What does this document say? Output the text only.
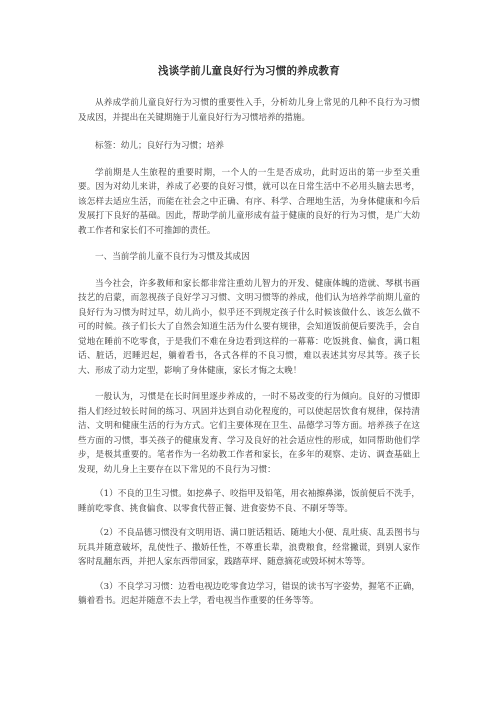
浅谈学前儿童良好行为习惯的养成教育

从养成学前儿童良好行为习惯的重要性入手，分析幼儿身上常见的几种不良行为习惯及成因，并提出在关键期施于儿童良好行为习惯培养的措施。

标签：幼儿；良好行为习惯；培养

学前期是人生旅程的重要时期，一个人的一生是否成功，此时迈出的第一步至关重要。因为对幼儿来讲，养成了必要的良好习惯，就可以在日常生活中不必用头脑去思考，该怎样去适应生活，而能在社会之中正确、有序、科学、合理地生活，为身体健康和今后发展打下良好的基础。因此，帮助学前儿童形成有益于健康的良好的行为习惯，是广大幼教工作者和家长们不可推卸的责任。

一、当前学前儿童不良行为习惯及其成因

当今社会，许多教师和家长都非常注重幼儿智力的开发、健康体魄的造就、琴棋书画技艺的启蒙，而忽视孩子良好学习习惯、文明习惯等的养成，他们认为培养学前期儿童的良好行为习惯为时过早，幼儿尚小，似乎还不到规定孩子什么时候该做什么、该怎么做不可的时候。孩子们长大了自然会知道生活为什么要有规律，会知道饭前便后要洗手，会自觉地在睡前不吃零食，于是我们不难在身边看到这样的一幕幕：吃饭挑食、偏食，满口粗话、脏话，迟睡迟起，躺着看书，各式各样的不良习惯，难以表述其穷尽其等。孩子长大、形成了动力定型，影响了身体健康，家长才悔之太晚！

一般认为，习惯是在长时间里逐步养成的，一时不易改变的行为倾向。良好的习惯即指人们经过较长时间的练习、巩固并达到自动化程度的，可以使起居饮食有规律，保持清洁、文明和健康生活的行为方式。它们主要体现在卫生、品德学习等方面。培养孩子在这些方面的习惯，事关孩子的健康发育、学习及良好的社会适应性的形成，如同帮助他们学步，是极其重要的。笔者作为一名幼教工作者和家长，在多年的观察、走访、调查基础上发现，幼儿身上主要存在以下常见的不良行为习惯：

（1）不良的卫生习惯。如挖鼻子、咬指甲及铅笔，用衣袖擦鼻涕，饭前便后不洗手，睡前吃零食、挑食偏食、以零食代替正餐、进食姿势不良、不刷牙等等。

（2）不良品德习惯没有文明用语、满口脏话粗话、随地大小便、乱吐痰、乱丢图书与玩具并随意破坏，乱使性子、撒娇任性，不尊重长辈，浪费粮食，经常撇谎，到别人家作客时乱翻东西，并把人家东西带回家，践踏草坪、随意摘花或毁坏树木等等。

（3）不良学习习惯：边看电视边吃零食边学习，错误的读书写字姿势，握笔不正确，躺着看书。迟起并随意不去上学，看电视当作重要的任务等等。
